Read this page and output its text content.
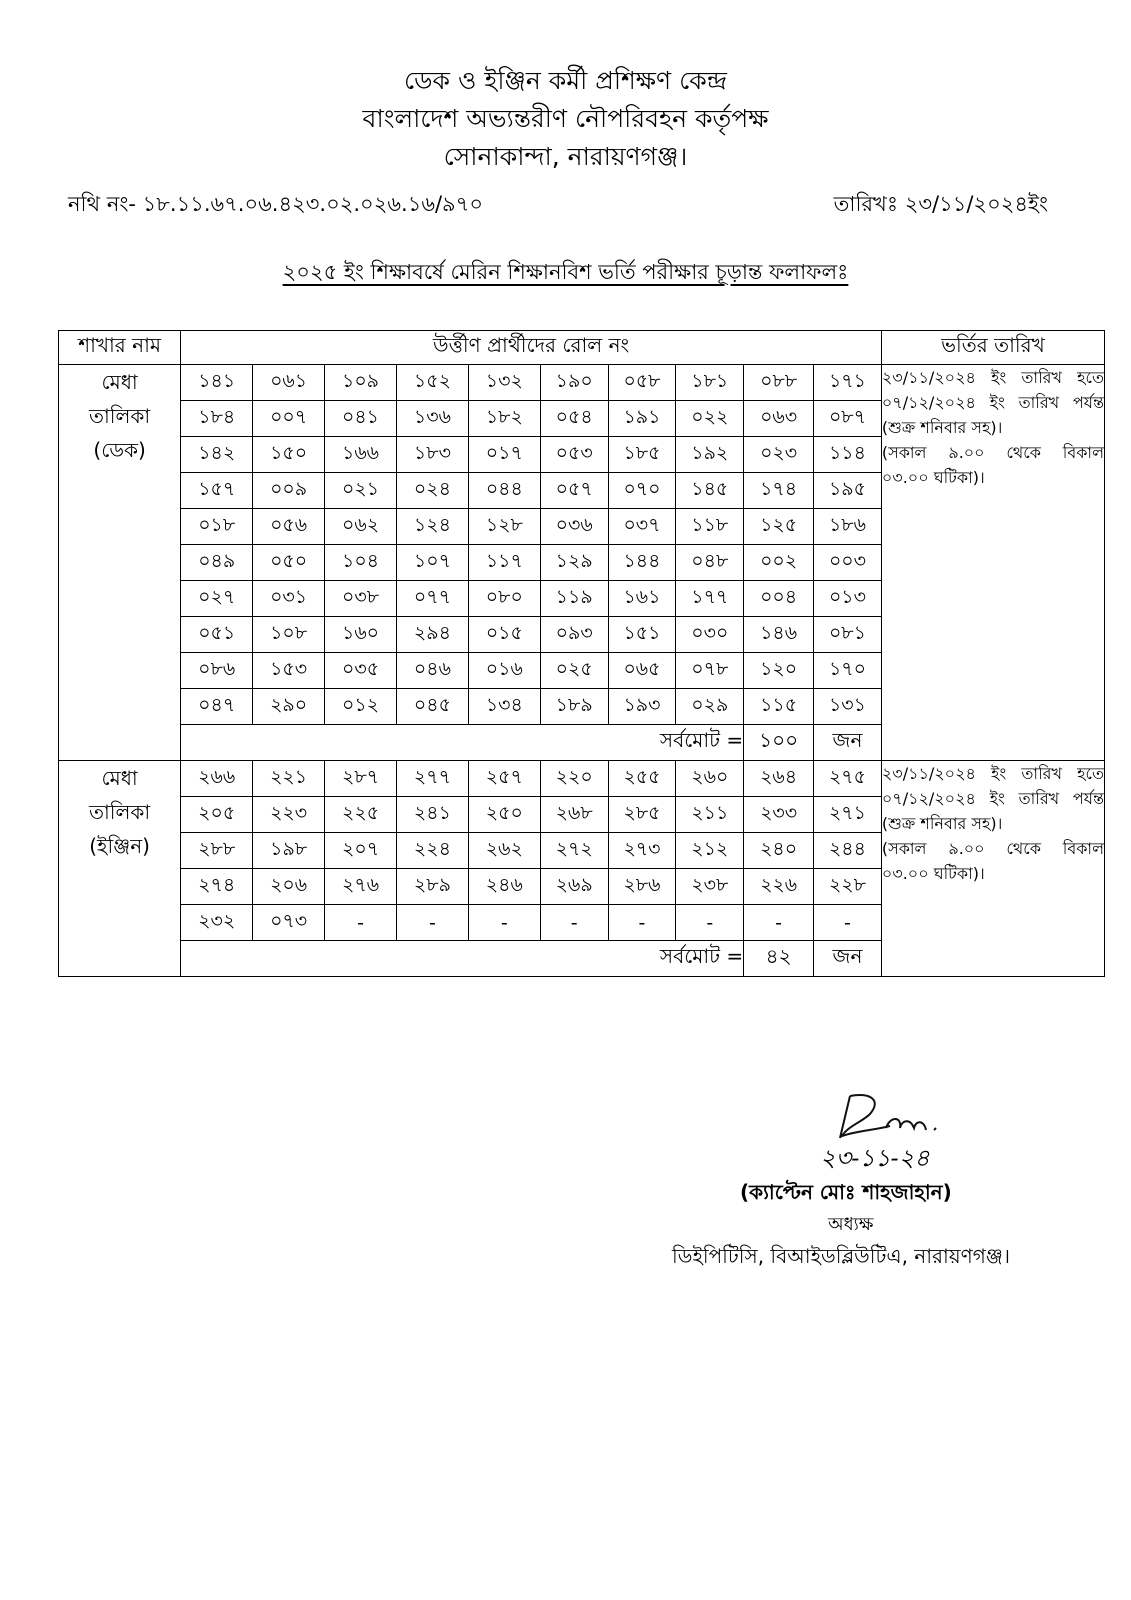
ডেক ও ইঞ্জিন কর্মী প্রশিক্ষণ কেন্দ্র
বাংলাদেশ অভ্যন্তরীণ নৌপরিবহন কর্তৃপক্ষ
সোনাকান্দা, নারায়ণগঞ্জ।
নথি নং- ১৮.১১.৬৭.০৬.৪২৩.০২.০২৬.১৬/৯৭০	তারিখঃ ২৩/১১/২০২৪ইং
২০২৫ ইং শিক্ষাবর্ষে মেরিন শিক্ষানবিশ ভর্তি পরীক্ষার চূড়ান্ত ফলাফলঃ
শাখার নাম	উর্ত্তীণ প্রার্থীদের রোল নং										ভর্তির তারিখ

মেধা
তালিকা
(ডেক)	১৪১	০৬১	১০৯	১৫২	১৩২	১৯০	০৫৮	১৮১	০৮৮	১৭১	২৩/১১/২০২৪ ইং তারিখ হতে ০৭/১২/২০২৪ ইং তারিখ পর্যন্ত (শুক্র শনিবার সহ)।
(সকাল ৯.০০ থেকে বিকাল ০৩.০০ ঘটিকা)।

	১৮৪	০০৭	০৪১	১৩৬	১৮২	০৫৪	১৯১	০২২	০৬৩	০৮৭	
	১৪২	১৫০	১৬৬	১৮৩	০১৭	০৫৩	১৮৫	১৯২	০২৩	১১৪	
	১৫৭	০০৯	০২১	০২৪	০৪৪	০৫৭	০৭০	১৪৫	১৭৪	১৯৫	
	০১৮	০৫৬	০৬২	১২৪	১২৮	০৩৬	০৩৭	১১৮	১২৫	১৮৬	
	০৪৯	০৫০	১০৪	১০৭	১১৭	১২৯	১৪৪	০৪৮	০০২	০০৩	
	০২৭	০৩১	০৩৮	০৭৭	০৮০	১১৯	১৬১	১৭৭	০০৪	০১৩	
	০৫১	১০৮	১৬০	২৯৪	০১৫	০৯৩	১৫১	০৩০	১৪৬	০৮১	
	০৮৬	১৫৩	০৩৫	০৪৬	০১৬	০২৫	০৬৫	০৭৮	১২০	১৭০	
	০৪৭	২৯০	০১২	০৪৫	১৩৪	১৮৯	১৯৩	০২৯	১১৫	১৩১	
	সর্বমোট =								১০০	জন	

মেধা
তালিকা
(ইঞ্জিন)	২৬৬	২২১	২৮৭	২৭৭	২৫৭	২২০	২৫৫	২৬০	২৬৪	২৭৫	২৩/১১/২০২৪ ইং তারিখ হতে ০৭/১২/২০২৪ ইং তারিখ পর্যন্ত (শুক্র শনিবার সহ)।
(সকাল ৯.০০ থেকে বিকাল ০৩.০০ ঘটিকা)।

	২০৫	২২৩	২২৫	২৪১	২৫০	২৬৮	২৮৫	২১১	২৩৩	২৭১	
	২৮৮	১৯৮	২০৭	২২৪	২৬২	২৭২	২৭৩	২১২	২৪০	২৪৪	
	২৭৪	২০৬	২৭৬	২৮৯	২৪৬	২৬৯	২৮৬	২৩৮	২২৬	২২৮	
	২৩২	০৭৩	-	-	-	-	-	-	-	-	
	সর্বমোট =								৪২	জন	
২৩-১১-২৪
(ক্যাপ্টেন মোঃ শাহজাহান)
অধ্যক্ষ
ডিইপিটিসি, বিআইডব্লিউটিএ, নারায়ণগঞ্জ।
